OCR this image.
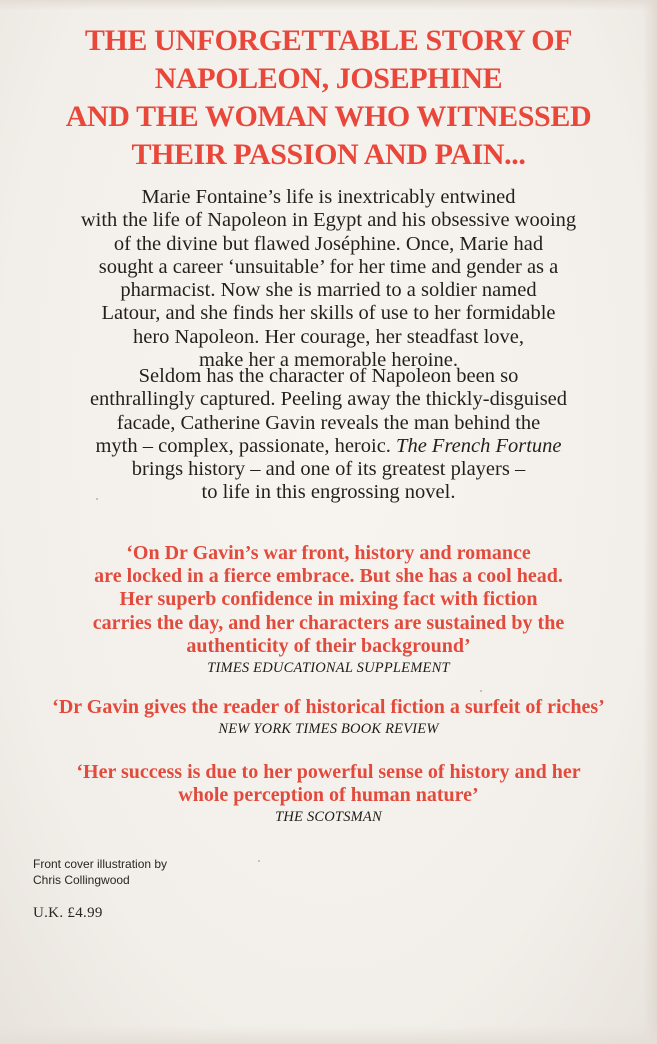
THE UNFORGETTABLE STORY OF
NAPOLEON, JOSEPHINE
AND THE WOMAN WHO WITNESSED
THEIR PASSION AND PAIN...
Marie Fontaine’s life is inextricably entwined
with the life of Napoleon in Egypt and his obsessive wooing
of the divine but flawed Joséphine. Once, Marie had
sought a career ‘unsuitable’ for her time and gender as a
pharmacist. Now she is married to a soldier named
Latour, and she finds her skills of use to her formidable
hero Napoleon. Her courage, her steadfast love,
make her a memorable heroine.
Seldom has the character of Napoleon been so
enthrallingly captured. Peeling away the thickly-disguised
facade, Catherine Gavin reveals the man behind the
myth – complex, passionate, heroic. The French Fortune
brings history – and one of its greatest players –
to life in this engrossing novel.
‘On Dr Gavin’s war front, history and romance
are locked in a fierce embrace. But she has a cool head.
Her superb confidence in mixing fact with fiction
carries the day, and her characters are sustained by the
authenticity of their background’
TIMES EDUCATIONAL SUPPLEMENT
‘Dr Gavin gives the reader of historical fiction a surfeit of riches’
NEW YORK TIMES BOOK REVIEW
‘Her success is due to her powerful sense of history and her
whole perception of human nature’
THE SCOTSMAN
Front cover illustration by
Chris Collingwood
U.K. £4.99
